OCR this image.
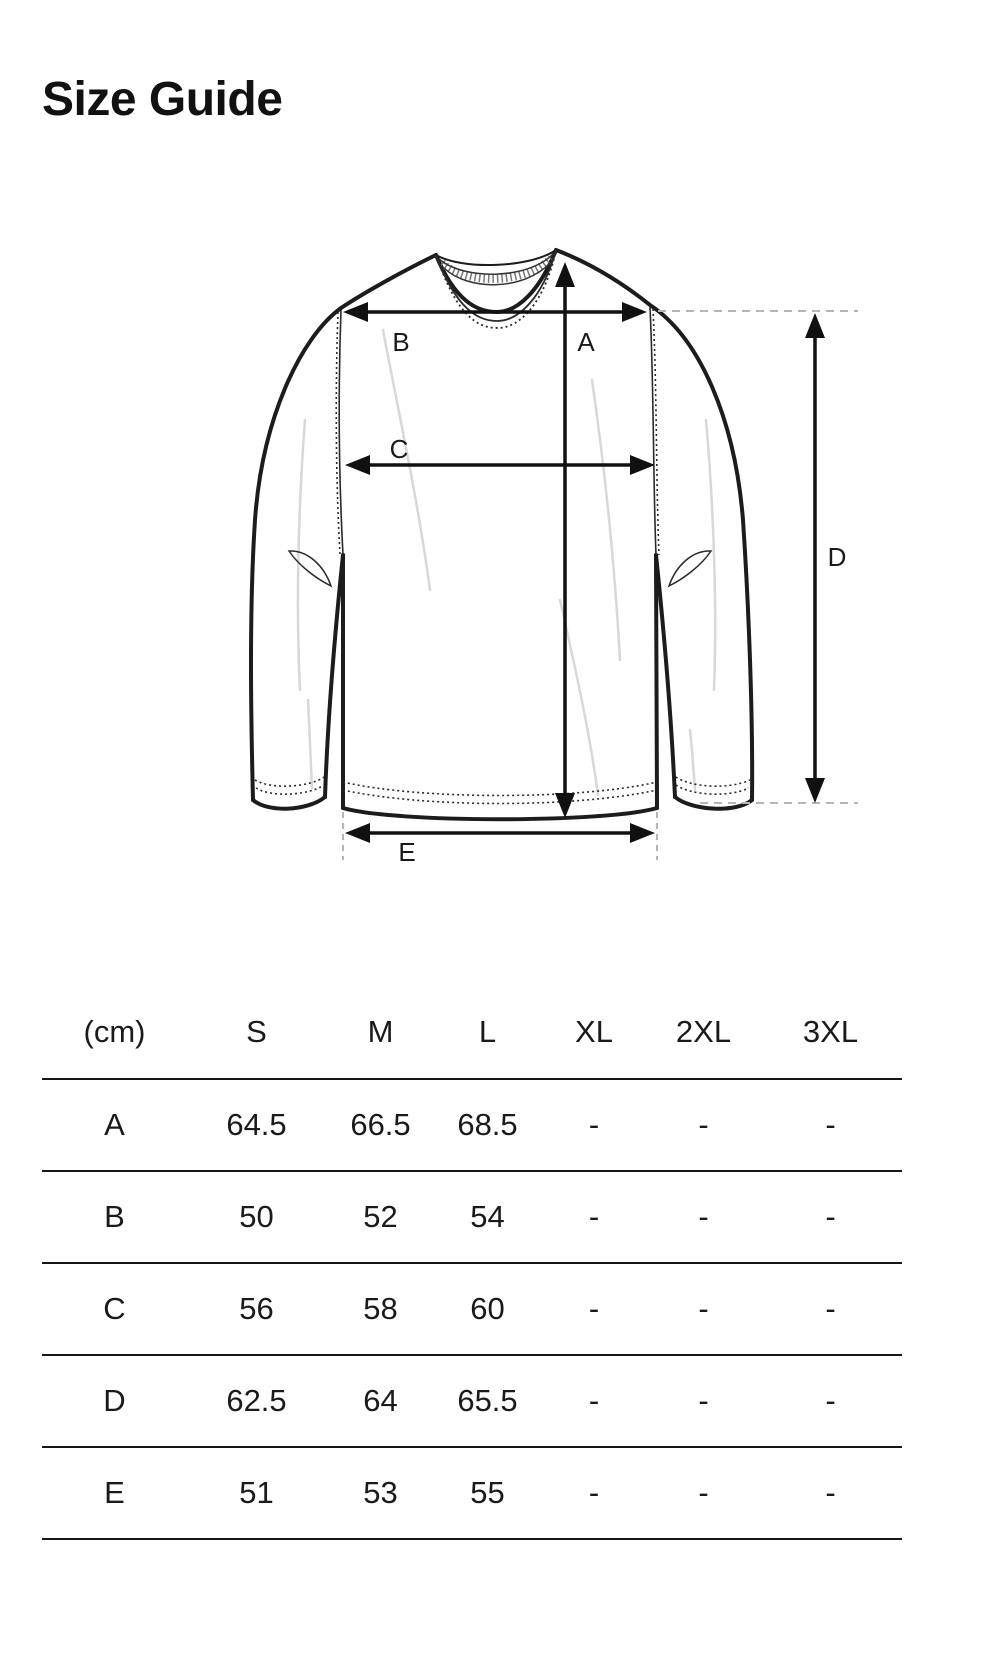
Size Guide
B	A
C
D
E
(cm)	S	M	L	XL	2XL	3XL
A	64.5	66.5	68.5	-	-	-
B	50	52	54	-	-	-
C	56	58	60	-	-	-
D	62.5	64	65.5	-	-	-
E	51	53	55	-	-	-
